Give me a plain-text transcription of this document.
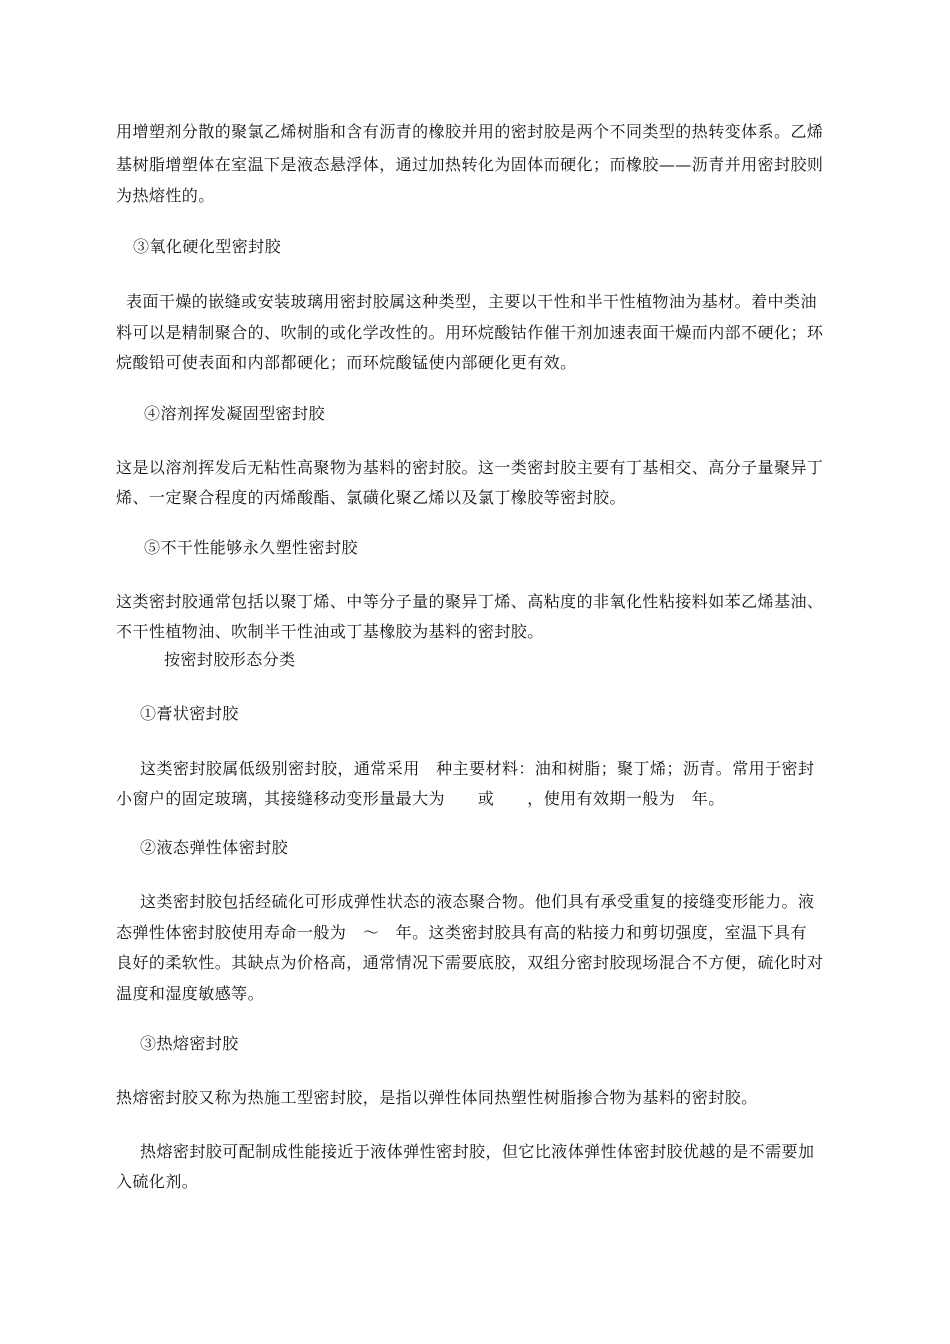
用增塑剂分散的聚氯乙烯树脂和含有沥青的橡胶并用的密封胶是两个不同类型的热转变体系。乙烯
基树脂增塑体在室温下是液态悬浮体，通过加热转化为固体而硬化；而橡胶——沥青并用密封胶则
为热熔性的。
③氧化硬化型密封胶
表面干燥的嵌缝或安装玻璃用密封胶属这种类型，主要以干性和半干性植物油为基材。着中类油
料可以是精制聚合的、吹制的或化学改性的。用环烷酸钴作催干剂加速表面干燥而内部不硬化；环
烷酸铅可使表面和内部都硬化；而环烷酸锰使内部硬化更有效。
④溶剂挥发凝固型密封胶
这是以溶剂挥发后无粘性高聚物为基料的密封胶。这一类密封胶主要有丁基相交、高分子量聚异丁
烯、一定聚合程度的丙烯酸酯、氯磺化聚乙烯以及氯丁橡胶等密封胶。
⑤不干性能够永久塑性密封胶
这类密封胶通常包括以聚丁烯、中等分子量的聚异丁烯、高粘度的非氧化性粘接料如苯乙烯基油、
不干性植物油、吹制半干性油或丁基橡胶为基料的密封胶。
按密封胶形态分类
①膏状密封胶
这类密封胶属低级别密封胶，通常采用　种主要材料：油和树脂；聚丁烯；沥青。常用于密封
小窗户的固定玻璃，其接缝移动变形量最大为　　或　　，使用有效期一般为　年。
②液态弹性体密封胶
这类密封胶包括经硫化可形成弹性状态的液态聚合物。他们具有承受重复的接缝变形能力。液
态弹性体密封胶使用寿命一般为　～　年。这类密封胶具有高的粘接力和剪切强度，室温下具有
良好的柔软性。其缺点为价格高，通常情况下需要底胶，双组分密封胶现场混合不方便，硫化时对
温度和湿度敏感等。
③热熔密封胶
热熔密封胶又称为热施工型密封胶，是指以弹性体同热塑性树脂掺合物为基料的密封胶。
热熔密封胶可配制成性能接近于液体弹性密封胶，但它比液体弹性体密封胶优越的是不需要加
入硫化剂。
